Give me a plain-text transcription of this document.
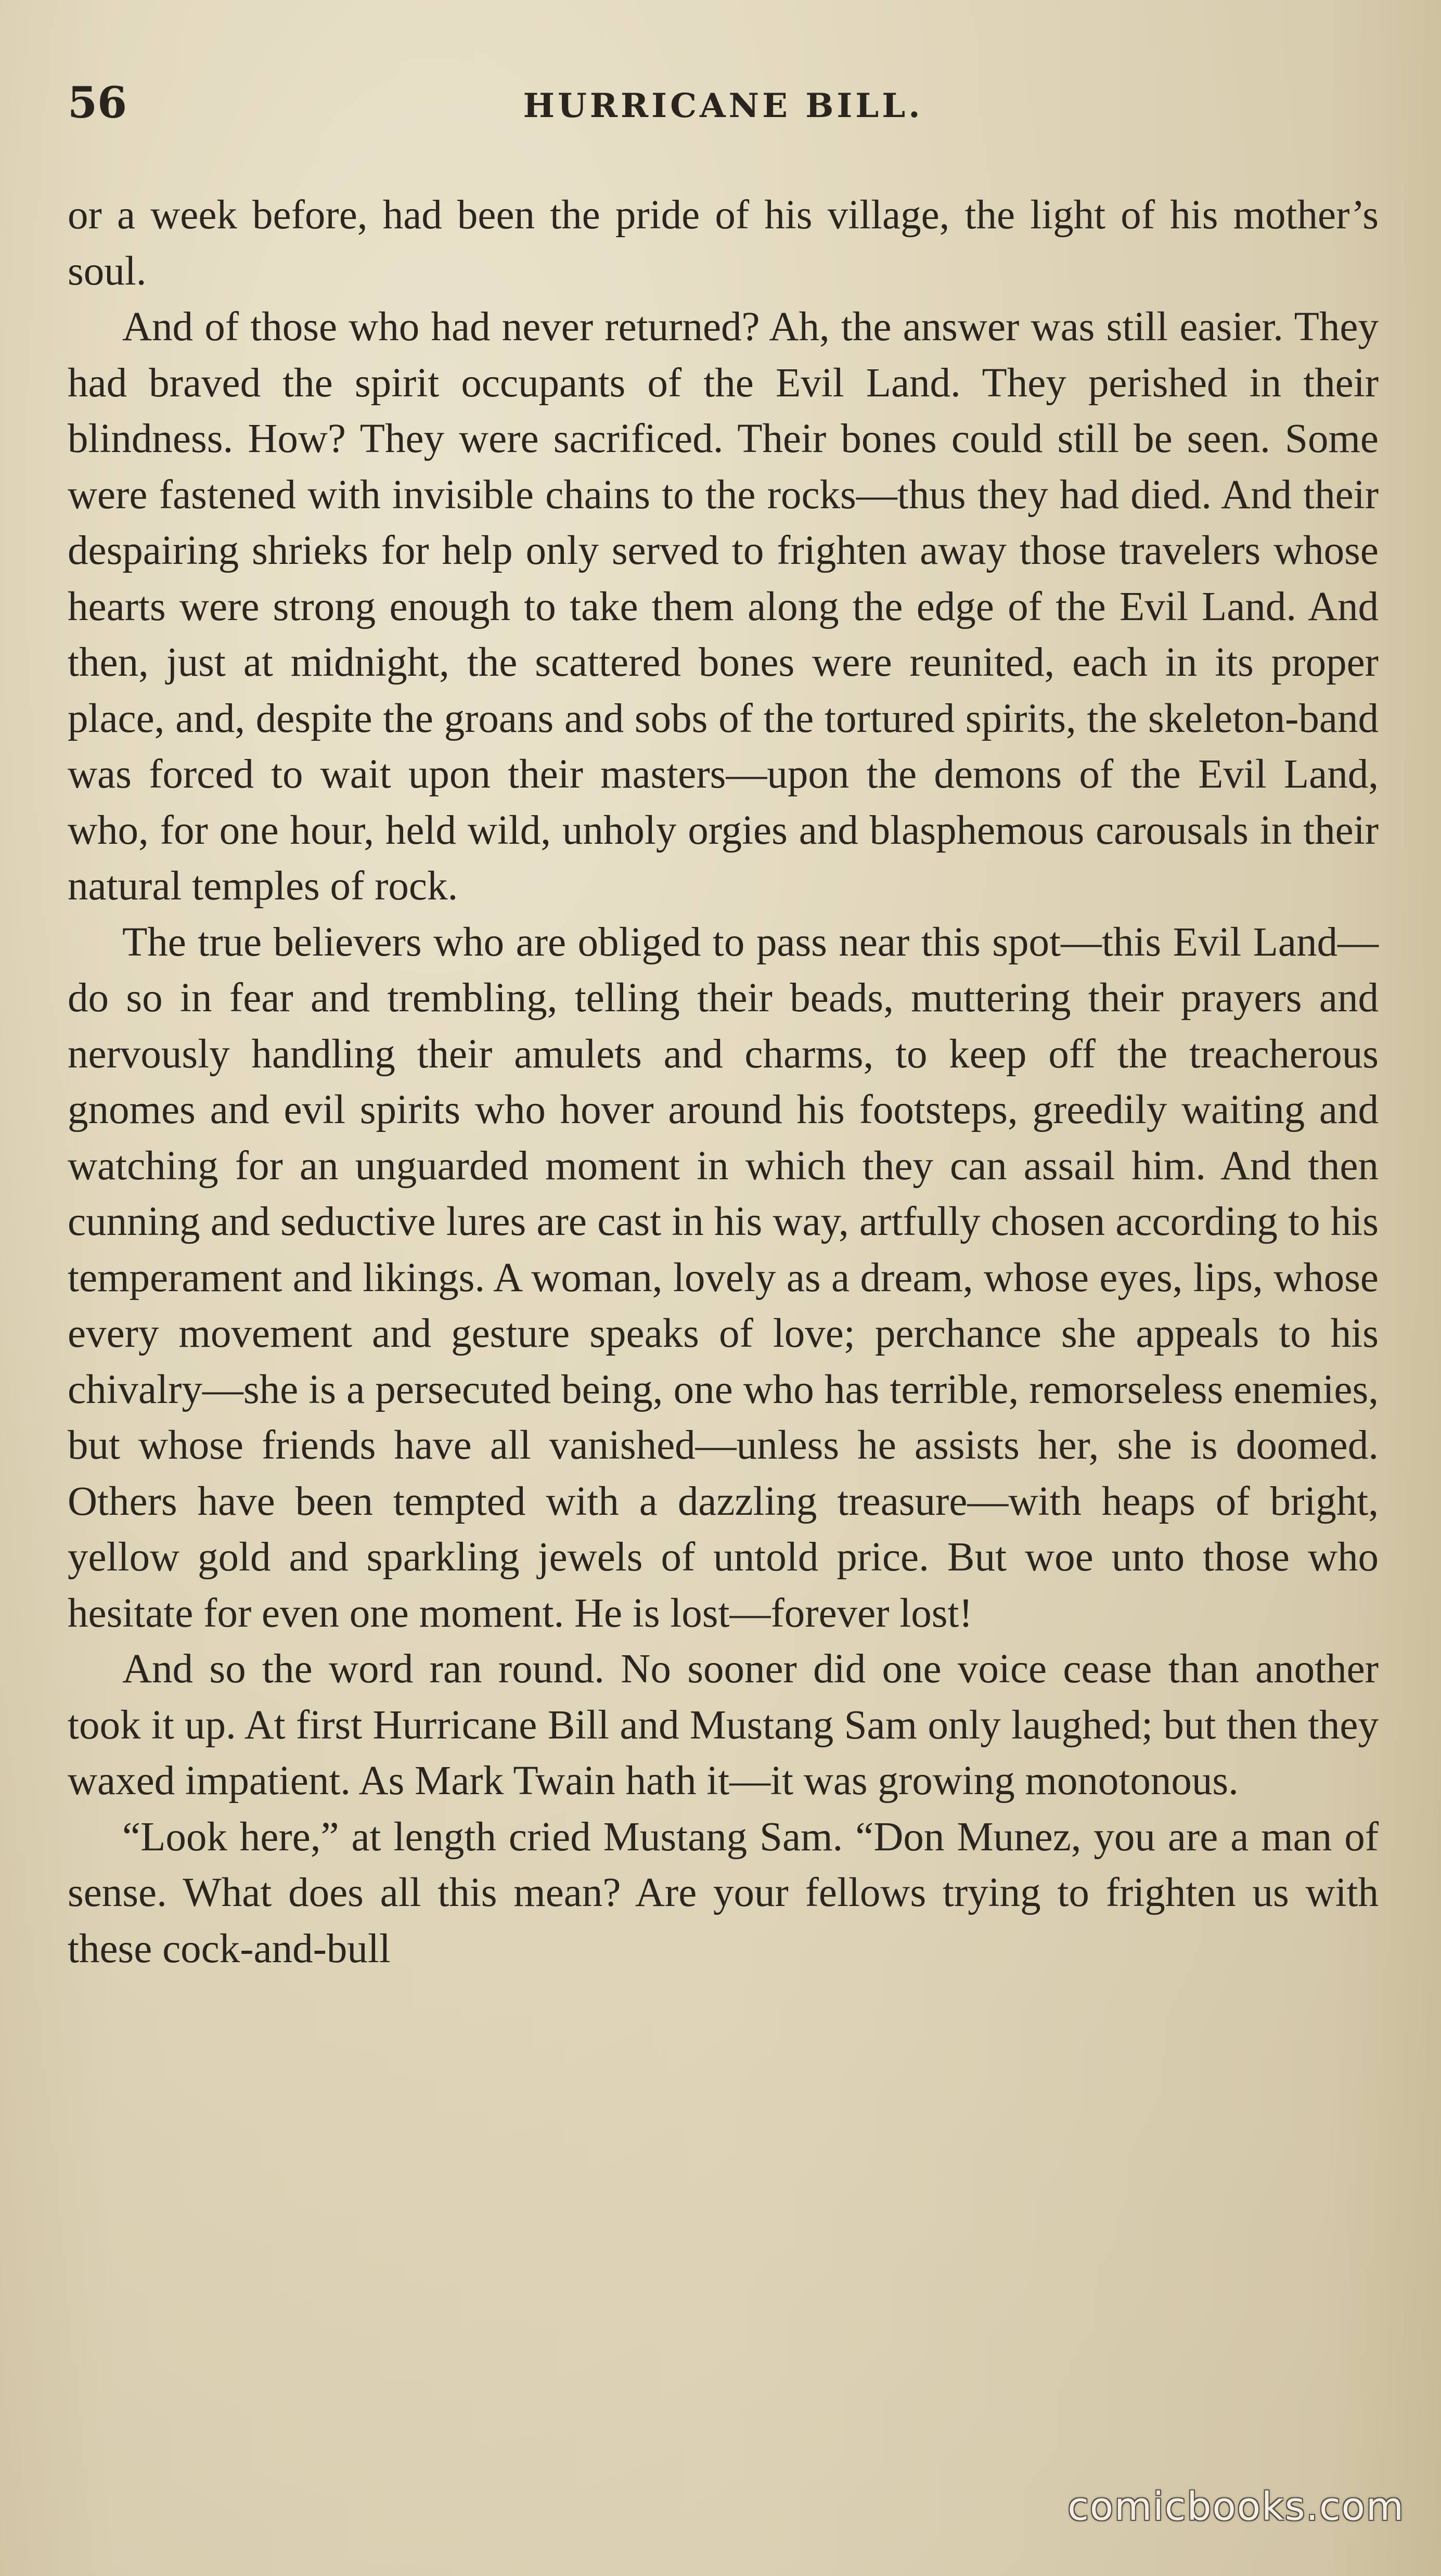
56	HURRICANE BILL.

or a week before, had been the pride of his village, the light of his mother’s soul.

And of those who had never returned? Ah, the answer was still easier. They had braved the spirit occupants of the Evil Land. They perished in their blindness. How? They were sacrificed. Their bones could still be seen. Some were fastened with invisible chains to the rocks—thus they had died. And their despairing shrieks for help only served to frighten away those travelers whose hearts were strong enough to take them along the edge of the Evil Land. And then, just at midnight, the scattered bones were reunited, each in its proper place, and, despite the groans and sobs of the tortured spirits, the skeleton-band was forced to wait upon their masters—upon the demons of the Evil Land, who, for one hour, held wild, unholy orgies and blasphemous carousals in their natural temples of rock.

The true believers who are obliged to pass near this spot—this Evil Land—do so in fear and trembling, telling their beads, muttering their prayers and nervously handling their amulets and charms, to keep off the treacherous gnomes and evil spirits who hover around his footsteps, greedily waiting and watching for an unguarded moment in which they can assail him. And then cunning and seductive lures are cast in his way, artfully chosen according to his temperament and likings. A woman, lovely as a dream, whose eyes, lips, whose every movement and gesture speaks of love; perchance she appeals to his chivalry—she is a persecuted being, one who has terrible, remorseless enemies, but whose friends have all vanished—unless he assists her, she is doomed. Others have been tempted with a dazzling treasure—with heaps of bright, yellow gold and sparkling jewels of untold price. But woe unto those who hesitate for even one moment. He is lost—forever lost!

And so the word ran round. No sooner did one voice cease than another took it up. At first Hurricane Bill and Mustang Sam only laughed; but then they waxed impatient. As Mark Twain hath it—it was growing monotonous.

“Look here,” at length cried Mustang Sam. “Don Munez, you are a man of sense. What does all this mean? Are your fellows trying to frighten us with these cock-and-bull

comicbooks.com
